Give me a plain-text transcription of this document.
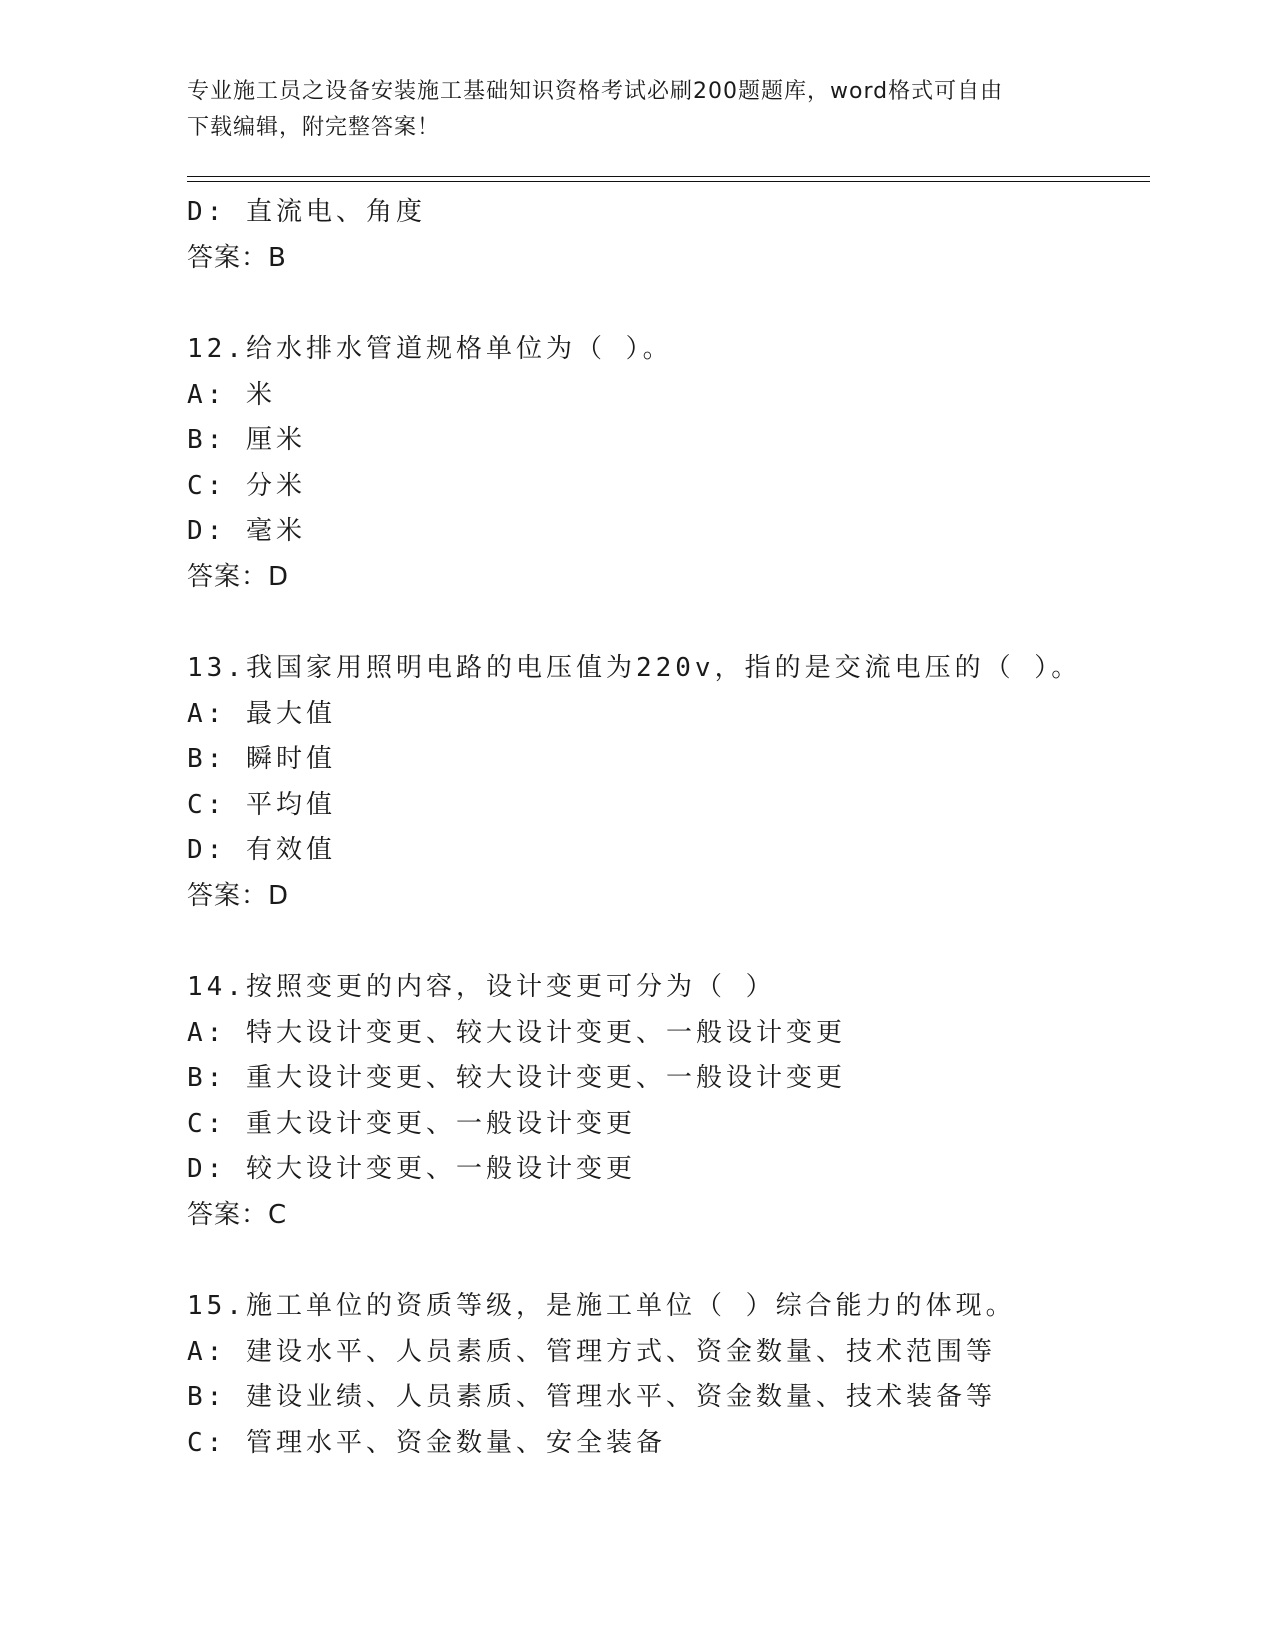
专业施工员之设备安装施工基础知识资格考试必刷200题题库，word格式可自由
下载编辑，附完整答案！
D: 直流电、角度
答案：B
12.给水排水管道规格单位为（ ）。
A: 米
B: 厘米
C: 分米
D: 毫米
答案：D
13.我国家用照明电路的电压值为220v，指的是交流电压的（ ）。
A: 最大值
B: 瞬时值
C: 平均值
D: 有效值
答案：D
14.按照变更的内容，设计变更可分为（ ）
A: 特大设计变更、较大设计变更、一般设计变更
B: 重大设计变更、较大设计变更、一般设计变更
C: 重大设计变更、一般设计变更
D: 较大设计变更、一般设计变更
答案：C
15.施工单位的资质等级，是施工单位（ ）综合能力的体现。
A: 建设水平、人员素质、管理方式、资金数量、技术范围等
B: 建设业绩、人员素质、管理水平、资金数量、技术装备等
C: 管理水平、资金数量、安全装备
